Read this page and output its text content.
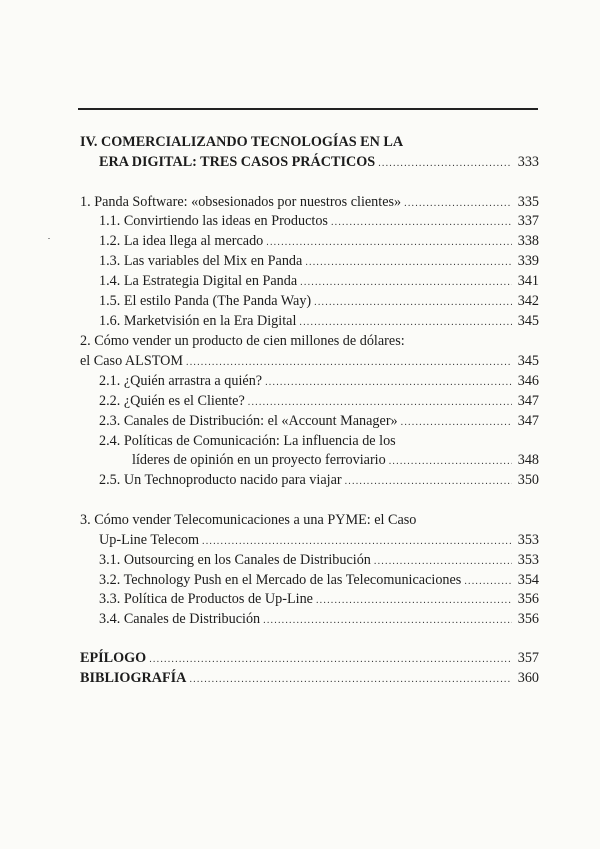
IV. COMERCIALIZANDO TECNOLOGÍAS EN LA
ERA DIGITAL: TRES CASOS PRÁCTICOS .....	333
1. Panda Software: «obsesionados por nuestros clientes» .....	335
1.1. Convirtiendo las ideas en Productos .....	337
1.2. La idea llega al mercado .....	338
1.3. Las variables del Mix en Panda .....	339
1.4. La Estrategia Digital en Panda .....	341
1.5. El estilo Panda (The Panda Way) .....	342
1.6. Marketvisión en la Era Digital .....	345
2. Cómo vender un producto de cien millones de dólares:
el Caso ALSTOM .....	345
2.1. ¿Quién arrastra a quién? .....	346
2.2. ¿Quién es el Cliente? .....	347
2.3. Canales de Distribución: el «Account Manager» .....	347
2.4. Políticas de Comunicación: La influencia de los
líderes de opinión en un proyecto ferroviario .....	348
2.5. Un Technoproducto nacido para viajar .....	350
3. Cómo vender Telecomunicaciones a una PYME: el Caso
Up-Line Telecom .....	353
3.1. Outsourcing en los Canales de Distribución .....	353
3.2. Technology Push en el Mercado de las Telecomunicaciones .....	354
3.3. Política de Productos de Up-Line .....	356
3.4. Canales de Distribución .....	356
EPÍLOGO .....	357
BIBLIOGRAFÍA .....	360
